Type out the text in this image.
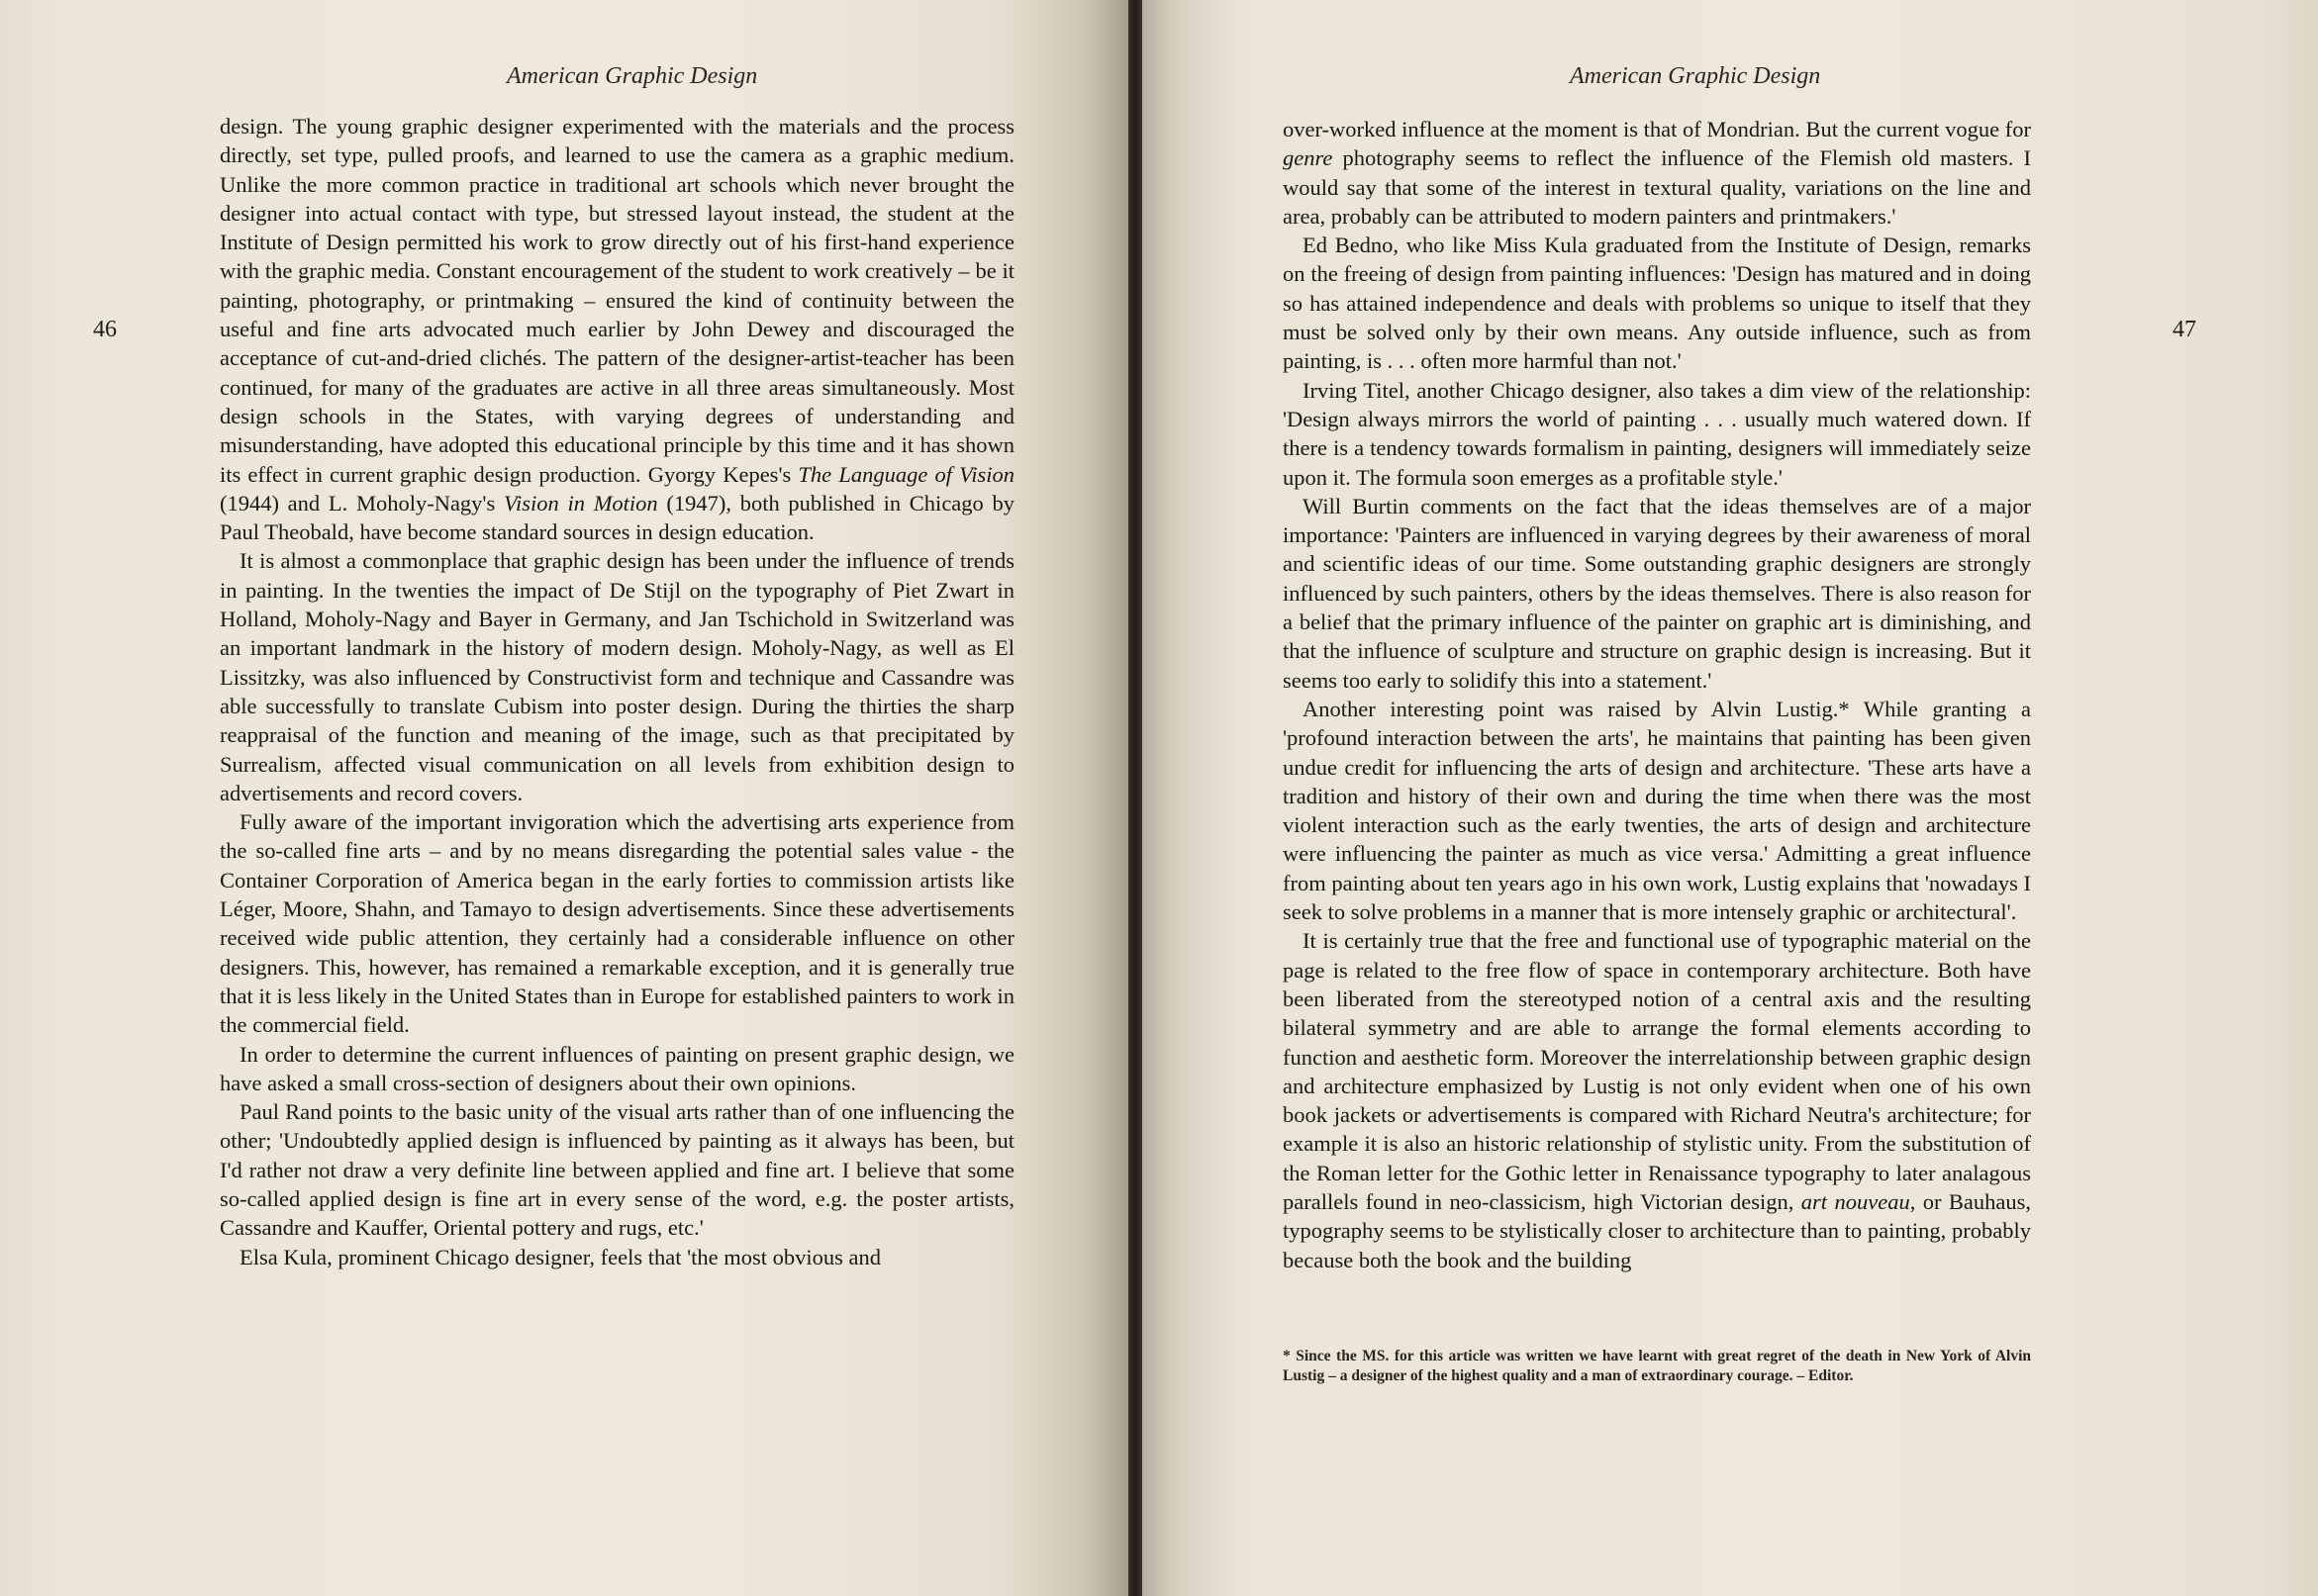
American Graphic Design
46

design. The young graphic designer experimented with the materials and the process directly, set type, pulled proofs, and learned to use the camera as a graphic medium. Unlike the more common practice in traditional art schools which never brought the designer into actual contact with type, but stressed layout instead, the student at the Institute of Design permitted his work to grow directly out of his first-hand experience with the graphic media. Constant encouragement of the student to work creatively – be it painting, photography, or printmaking – ensured the kind of continuity between the useful and fine arts advocated much earlier by John Dewey and discouraged the acceptance of cut-and-dried clichés. The pattern of the designer-artist-teacher has been continued, for many of the graduates are active in all three areas simultaneously. Most design schools in the States, with varying degrees of understanding and misunderstanding, have adopted this educational principle by this time and it has shown its effect in current graphic design production. Gyorgy Kepes's The Language of Vision (1944) and L. Moholy-Nagy's Vision in Motion (1947), both published in Chicago by Paul Theobald, have become standard sources in design education.

It is almost a commonplace that graphic design has been under the influence of trends in painting. In the twenties the impact of De Stijl on the typography of Piet Zwart in Holland, Moholy-Nagy and Bayer in Germany, and Jan Tschichold in Switzerland was an important landmark in the history of modern design. Moholy-Nagy, as well as El Lissitzky, was also influenced by Constructivist form and technique and Cassandre was able successfully to translate Cubism into poster design. During the thirties the sharp reappraisal of the function and meaning of the image, such as that precipitated by Surrealism, affected visual communication on all levels from exhibition design to advertisements and record covers.

Fully aware of the important invigoration which the advertising arts experience from the so-called fine arts – and by no means disregarding the potential sales value - the Container Corporation of America began in the early forties to commission artists like Léger, Moore, Shahn, and Tamayo to design advertisements. Since these advertisements received wide public attention, they certainly had a considerable influence on other designers. This, however, has remained a remarkable exception, and it is generally true that it is less likely in the United States than in Europe for established painters to work in the commercial field.

In order to determine the current influences of painting on present graphic design, we have asked a small cross-section of designers about their own opinions.

Paul Rand points to the basic unity of the visual arts rather than of one influencing the other; 'Undoubtedly applied design is influenced by painting as it always has been, but I'd rather not draw a very definite line between applied and fine art. I believe that some so-called applied design is fine art in every sense of the word, e.g. the poster artists, Cassandre and Kauffer, Oriental pottery and rugs, etc.'

Elsa Kula, prominent Chicago designer, feels that 'the most obvious and

American Graphic Design
47

over-worked influence at the moment is that of Mondrian. But the current vogue for genre photography seems to reflect the influence of the Flemish old masters. I would say that some of the interest in textural quality, variations on the line and area, probably can be attributed to modern painters and printmakers.'

Ed Bedno, who like Miss Kula graduated from the Institute of Design, remarks on the freeing of design from painting influences: 'Design has matured and in doing so has attained independence and deals with problems so unique to itself that they must be solved only by their own means. Any outside influence, such as from painting, is . . . often more harmful than not.'

Irving Titel, another Chicago designer, also takes a dim view of the relationship: 'Design always mirrors the world of painting . . . usually much watered down. If there is a tendency towards formalism in painting, designers will immediately seize upon it. The formula soon emerges as a profitable style.'

Will Burtin comments on the fact that the ideas themselves are of a major importance: 'Painters are influenced in varying degrees by their awareness of moral and scientific ideas of our time. Some outstanding graphic designers are strongly influenced by such painters, others by the ideas themselves. There is also reason for a belief that the primary influence of the painter on graphic art is diminishing, and that the influence of sculpture and structure on graphic design is increasing. But it seems too early to solidify this into a statement.'

Another interesting point was raised by Alvin Lustig.* While granting a 'profound interaction between the arts', he maintains that painting has been given undue credit for influencing the arts of design and architecture. 'These arts have a tradition and history of their own and during the time when there was the most violent interaction such as the early twenties, the arts of design and architecture were influencing the painter as much as vice versa.' Admitting a great influence from painting about ten years ago in his own work, Lustig explains that 'nowadays I seek to solve problems in a manner that is more intensely graphic or architectural'.

It is certainly true that the free and functional use of typographic material on the page is related to the free flow of space in contemporary architecture. Both have been liberated from the stereotyped notion of a central axis and the resulting bilateral symmetry and are able to arrange the formal elements according to function and aesthetic form. Moreover the interrelationship between graphic design and architecture emphasized by Lustig is not only evident when one of his own book jackets or advertisements is compared with Richard Neutra's architecture; for example it is also an historic relationship of stylistic unity. From the substitution of the Roman letter for the Gothic letter in Renaissance typography to later analagous parallels found in neo-classicism, high Victorian design, art nouveau, or Bauhaus, typography seems to be stylistically closer to architecture than to painting, probably because both the book and the building

* Since the MS. for this article was written we have learnt with great regret of the death in New York of Alvin Lustig – a designer of the highest quality and a man of extraordinary courage. – Editor.
